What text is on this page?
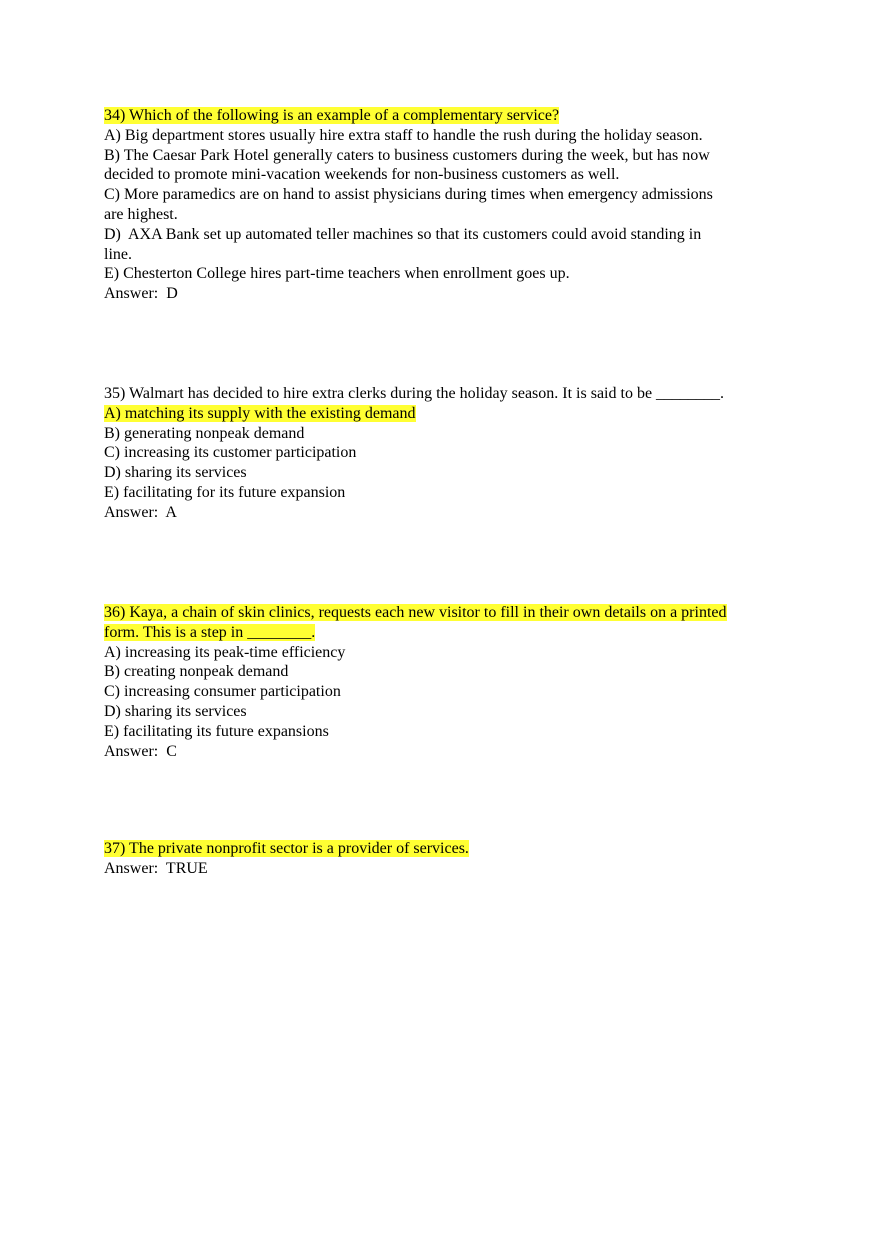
34) Which of the following is an example of a complementary service?
A) Big department stores usually hire extra staff to handle the rush during the holiday season.
B) The Caesar Park Hotel generally caters to business customers during the week, but has now
decided to promote mini-vacation weekends for non-business customers as well.
C) More paramedics are on hand to assist physicians during times when emergency admissions
are highest.
D)  AXA Bank set up automated teller machines so that its customers could avoid standing in
line.
E) Chesterton College hires part-time teachers when enrollment goes up.
Answer:  D
35) Walmart has decided to hire extra clerks during the holiday season. It is said to be ________.
A) matching its supply with the existing demand
B) generating nonpeak demand
C) increasing its customer participation
D) sharing its services
E) facilitating for its future expansion
Answer:  A
36) Kaya, a chain of skin clinics, requests each new visitor to fill in their own details on a printed
form. This is a step in ________.
A) increasing its peak-time efficiency
B) creating nonpeak demand
C) increasing consumer participation
D) sharing its services
E) facilitating its future expansions
Answer:  C
37) The private nonprofit sector is a provider of services.
Answer:  TRUE
